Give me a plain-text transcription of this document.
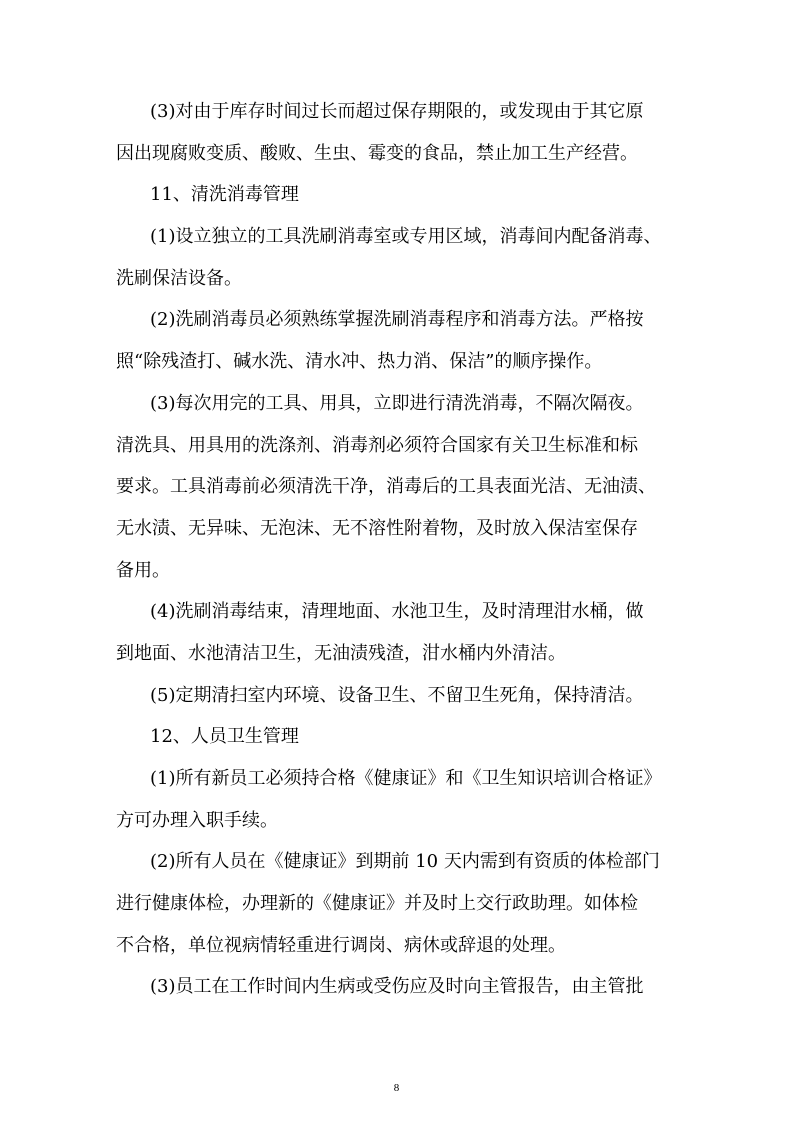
(3)对由于库存时间过长而超过保存期限的，或发现由于其它原
因出现腐败变质、酸败、生虫、霉变的食品，禁止加工生产经营。
11、清洗消毒管理
(1)设立独立的工具洗刷消毒室或专用区域，消毒间内配备消毒、
洗刷保洁设备。
(2)洗刷消毒员必须熟练掌握洗刷消毒程序和消毒方法。严格按
照“除残渣打、碱水洗、清水冲、热力消、保洁”的顺序操作。
(3)每次用完的工具、用具，立即进行清洗消毒，不隔次隔夜。
清洗具、用具用的洗涤剂、消毒剂必须符合国家有关卫生标准和标
要求。工具消毒前必须清洗干净，消毒后的工具表面光洁、无油渍、
无水渍、无异味、无泡沫、无不溶性附着物，及时放入保洁室保存
备用。
(4)洗刷消毒结束，清理地面、水池卫生，及时清理泔水桶，做
到地面、水池清洁卫生，无油渍残渣，泔水桶内外清洁。
(5)定期清扫室内环境、设备卫生、不留卫生死角，保持清洁。
12、人员卫生管理
(1)所有新员工必须持合格《健康证》和《卫生知识培训合格证》
方可办理入职手续。
(2)所有人员在《健康证》到期前 10 天内需到有资质的体检部门
进行健康体检，办理新的《健康证》并及时上交行政助理。如体检
不合格，单位视病情轻重进行调岗、病休或辞退的处理。
(3)员工在工作时间内生病或受伤应及时向主管报告，由主管批
8
